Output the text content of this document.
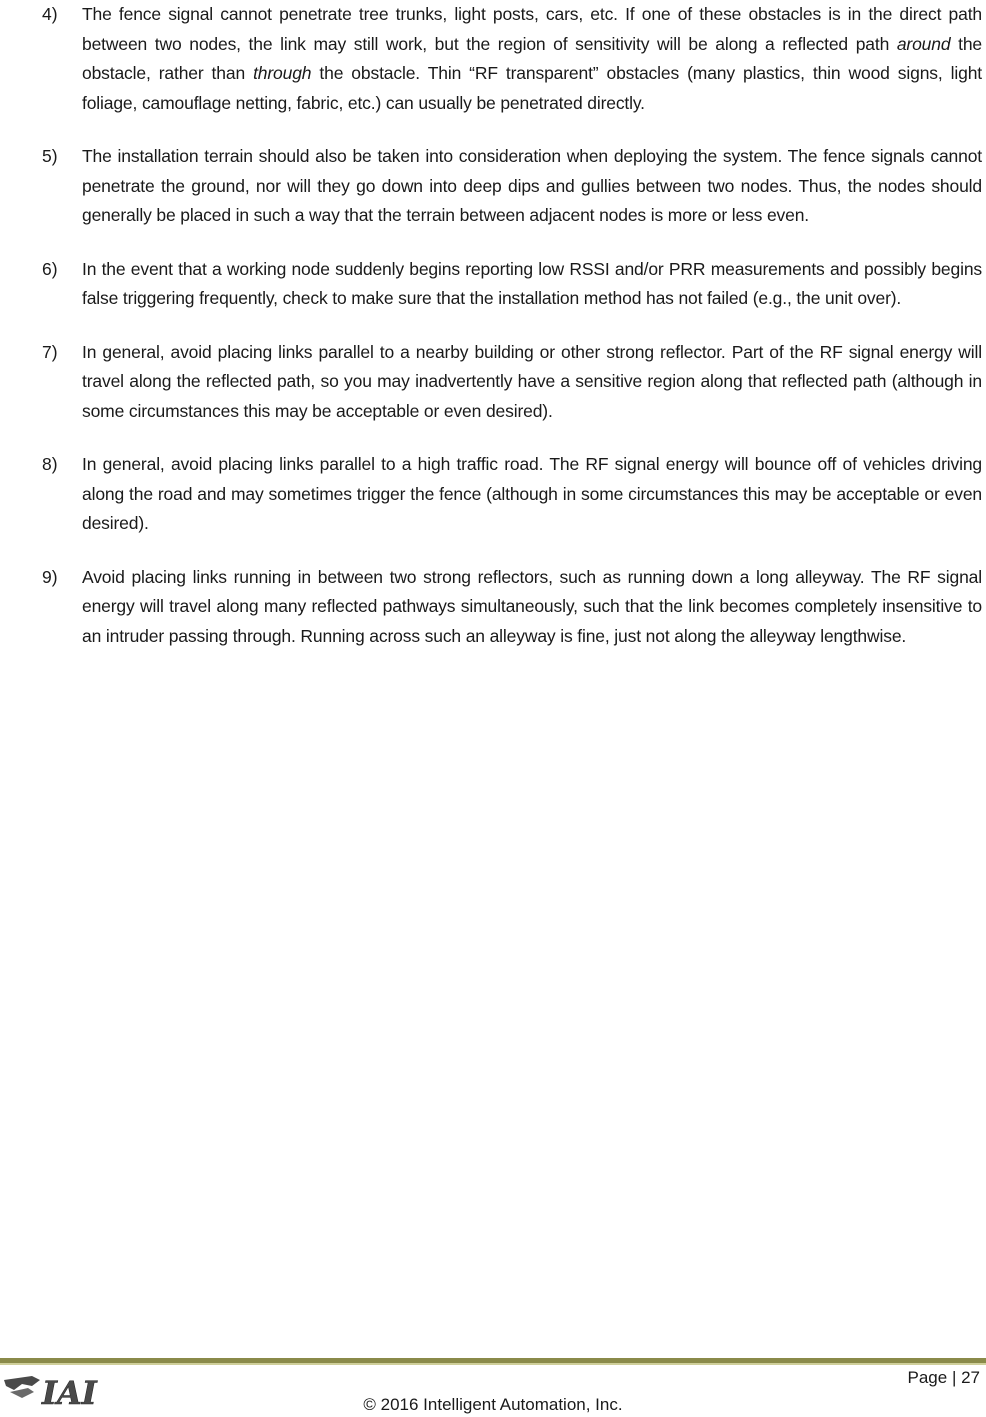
4) The fence signal cannot penetrate tree trunks, light posts, cars, etc. If one of these obstacles is in the direct path between two nodes, the link may still work, but the region of sensitivity will be along a reflected path around the obstacle, rather than through the obstacle. Thin “RF transparent” obstacles (many plastics, thin wood signs, light foliage, camouflage netting, fabric, etc.) can usually be penetrated directly.

5) The installation terrain should also be taken into consideration when deploying the system. The fence signals cannot penetrate the ground, nor will they go down into deep dips and gullies between two nodes. Thus, the nodes should generally be placed in such a way that the terrain between adjacent nodes is more or less even.

6) In the event that a working node suddenly begins reporting low RSSI and/or PRR measurements and possibly begins false triggering frequently, check to make sure that the installation method has not failed (e.g., the unit over).

7) In general, avoid placing links parallel to a nearby building or other strong reflector. Part of the RF signal energy will travel along the reflected path, so you may inadvertently have a sensitive region along that reflected path (although in some circumstances this may be acceptable or even desired).

8) In general, avoid placing links parallel to a high traffic road. The RF signal energy will bounce off of vehicles driving along the road and may sometimes trigger the fence (although in some circumstances this may be acceptable or even desired).

9) Avoid placing links running in between two strong reflectors, such as running down a long alleyway. The RF signal energy will travel along many reflected pathways simultaneously, such that the link becomes completely insensitive to an intruder passing through. Running across such an alleyway is fine, just not along the alleyway lengthwise.

IAI	Page | 27
© 2016 Intelligent Automation, Inc.
